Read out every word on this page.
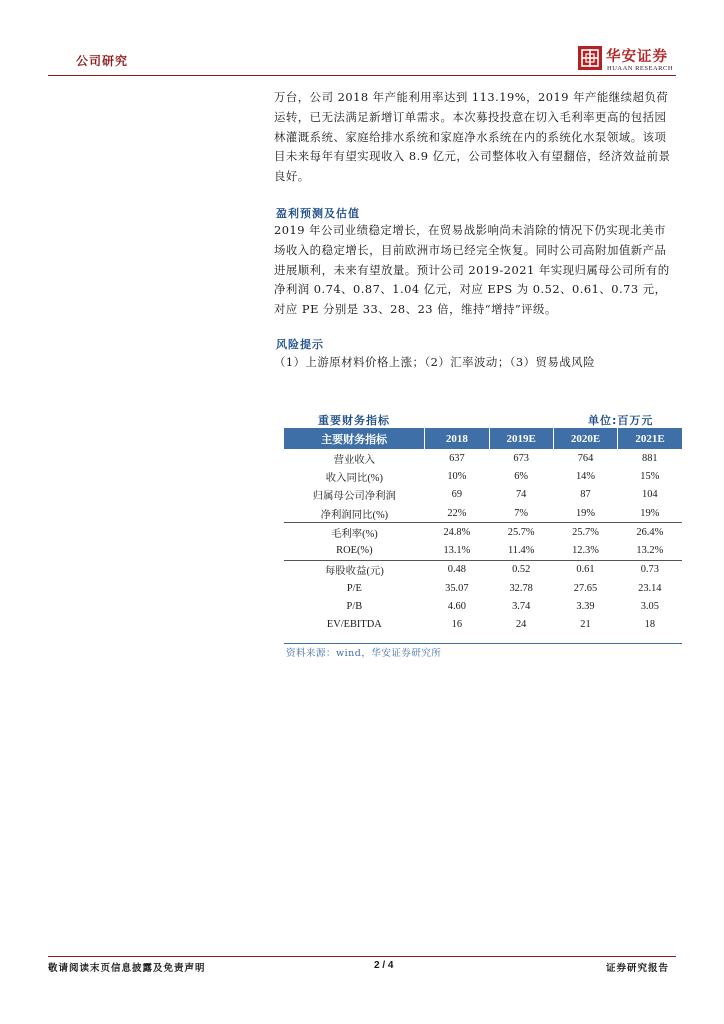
公司研究	华安证券
HUAAN RESEARCH
万台，公司 2018 年产能利用率达到 113.19%，2019 年产能继续超负荷运转，已无法满足新增订单需求。本次募投投意在切入毛利率更高的包括园林灌溉系统、家庭给排水系统和家庭净水系统在内的系统化水泵领域。该项目未来每年有望实现收入 8.9 亿元，公司整体收入有望翻倍，经济效益前景良好。
盈利预测及估值
2019 年公司业绩稳定增长，在贸易战影响尚未消除的情况下仍实现北美市场收入的稳定增长，目前欧洲市场已经完全恢复。同时公司高附加值新产品进展顺利，未来有望放量。预计公司 2019-2021 年实现归属母公司所有的净利润 0.74、0.87、1.04 亿元，对应 EPS 为 0.52、0.61、0.73 元，对应 PE 分别是 33、28、23 倍，维持“增持”评级。
风险提示
（1）上游原材料价格上涨；（2）汇率波动；（3）贸易战风险
重要财务指标	单位:百万元
主要财务指标	2018	2019E	2020E	2021E
营业收入	637	673	764	881
收入同比(%)	10%	6%	14%	15%
归属母公司净利润	69	74	87	104
净利润同比(%)	22%	7%	19%	19%
毛利率(%)	24.8%	25.7%	25.7%	26.4%
ROE(%)	13.1%	11.4%	12.3%	13.2%
每股收益(元)	0.48	0.52	0.61	0.73
P/E	35.07	32.78	27.65	23.14
P/B	4.60	3.74	3.39	3.05
EV/EBITDA	16	24	21	18
资料来源：wind，华安证券研究所
敬请阅读末页信息披露及免责声明	2 / 4	证券研究报告
